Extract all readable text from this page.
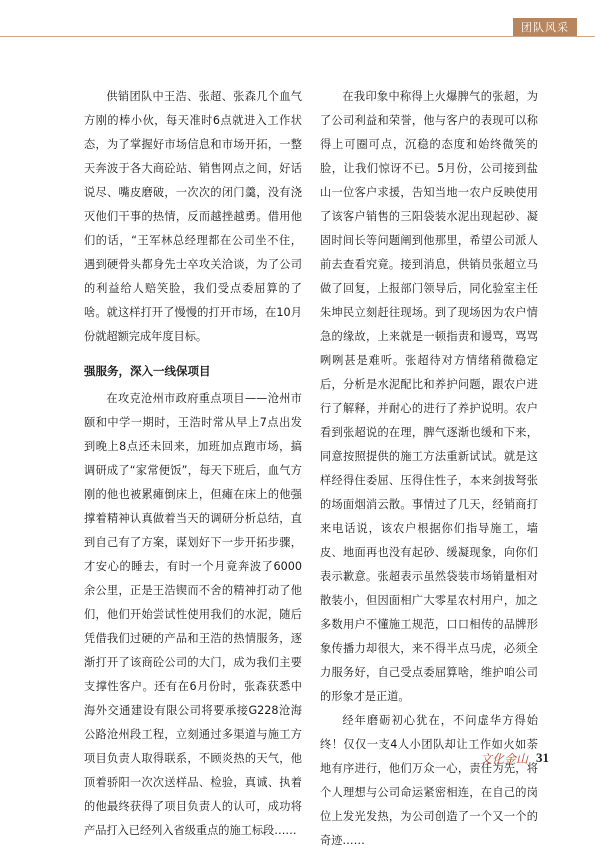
团队风采

供销团队中王浩、张超、张森几个血气方刚的棒小伙，每天准时6点就进入工作状态，为了掌握好市场信息和市场开拓，一整天奔波于各大商砼站、销售网点之间，好话说尽、嘴皮磨破，一次次的闭门羹，没有浇灭他们干事的热情，反而越挫越勇。借用他们的话，“王军林总经理都在公司坐不住，遇到硬骨头都身先士卒攻关洽谈，为了公司的利益给人赔笑脸，我们受点委屈算的了啥。就这样打开了慢慢的打开市场，在10月份就超额完成年度目标。

强服务，深入一线保项目

在攻克沧州市政府重点项目——沧州市颐和中学一期时，王浩时常从早上7点出发到晚上8点还未回来，加班加点跑市场，搞调研成了“家常便饭”，每天下班后，血气方刚的他也被累瘫倒床上，但瘫在床上的他强撑着精神认真做着当天的调研分析总结，直到自己有了方案，谋划好下一步开拓步骤，才安心的睡去，有时一个月竟奔波了6000余公里，正是王浩锲而不舍的精神打动了他们，他们开始尝试性使用我们的水泥，随后凭借我们过硬的产品和王浩的热情服务，逐渐打开了该商砼公司的大门，成为我们主要支撑性客户。还有在6月份时，张森获悉中海外交通建设有限公司将要承接G228沧海公路沧州段工程，立刻通过多渠道与施工方项目负责人取得联系，不顾炎热的天气，他顶着骄阳一次次送样品、检验，真诚、执着的他最终获得了项目负责人的认可，成功将产品打入已经列入省级重点的施工标段……

在我印象中称得上火爆脾气的张超，为了公司利益和荣誉，他与客户的表现可以称得上可圈可点，沉稳的态度和始终微笑的脸，让我们惊讶不已。5月份，公司接到盐山一位客户求援，告知当地一农户反映使用了该客户销售的三阳袋装水泥出现起砂、凝固时间长等问题阐到他那里，希望公司派人前去查看究竟。接到消息，供销员张超立马做了回复，上报部门领导后，同化验室主任朱坤民立刻赶往现场。到了现场因为农户情急的缘故，上来就是一顿指责和谩骂，骂骂咧咧甚是难听。张超待对方情绪稍微稳定后，分析是水泥配比和养护问题，跟农户进行了解释，并耐心的进行了养护说明。农户看到张超说的在理，脾气逐渐也缓和下来，同意按照提供的施工方法重新试试。就是这样经得住委屈、压得住性子，本来剑拔弩张的场面烟消云散。事情过了几天，经销商打来电话说，该农户根据你们指导施工，墙皮、地面再也没有起砂、缓凝现象，向你们表示歉意。张超表示虽然袋装市场销量相对散装小，但因面相广大零星农村用户，加之多数用户不懂施工规范，口口相传的品牌形象传播力却很大，来不得半点马虎，必须全力服务好，自己受点委屈算啥，维护咱公司的形象才是正道。

经年磨砺初心犹在，不问虚华方得始终！仅仅一支4人小团队却让工作如火如荼地有序进行，他们万众一心，责任为先，将个人理想与公司命运紧密相连，在自己的岗位上发光发热，为公司创造了一个又一个的奇迹……

文化金山 31
